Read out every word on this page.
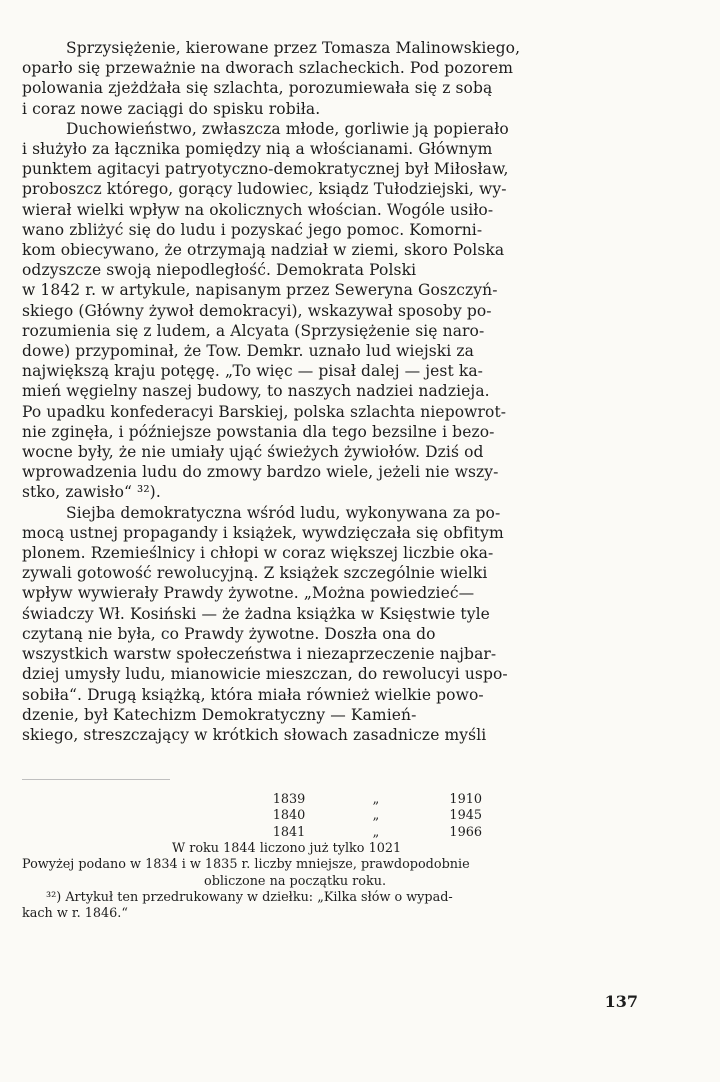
Sprzysiężenie, kierowane przez Tomasza Malinowskiego,
oparło się przeważnie na dworach szlacheckich. Pod pozorem
polowania zjeżdżała się szlachta, porozumiewała się z sobą
i coraz nowe zaciągi do spisku robiła.
Duchowieństwo, zwłaszcza młode, gorliwie ją popierało
i służyło za łącznika pomiędzy nią a włościanami. Głównym
punktem agitacyi patryotyczno-demokratycznej był Miłosław,
proboszcz którego, gorący ludowiec, ksiądz Tułodziejski, wy-
wierał wielki wpływ na okolicznych włościan. Wogóle usiło-
wano zbliżyć się do ludu i pozyskać jego pomoc. Komorni-
kom obiecywano, że otrzymają nadział w ziemi, skoro Polska
odzyszcze swoją niepodległość. Demokrata Polski
w 1842 r. w artykule, napisanym przez Seweryna Goszczyń-
skiego (Główny żywoł demokracyi), wskazywał sposoby po-
rozumienia się z ludem, a Alcyata (Sprzysiężenie się naro-
dowe) przypominał, że Tow. Demkr. uznało lud wiejski za
największą kraju potęgę. „To więc — pisał dalej — jest ka-
mień węgielny naszej budowy, to naszych nadziei nadzieja.
Po upadku konfederacyi Barskiej, polska szlachta niepowrot-
nie zginęła, i późniejsze powstania dla tego bezsilne i bezo-
wocne były, że nie umiały ująć świeżych żywiołów. Dziś od
wprowadzenia ludu do zmowy bardzo wiele, jeżeli nie wszy-
stko, zawisło“ ³²).
Siejba demokratyczna wśród ludu, wykonywana za po-
mocą ustnej propagandy i książek, wywdzięczała się obfitym
plonem. Rzemieślnicy i chłopi w coraz większej liczbie oka-
zywali gotowość rewolucyjną. Z książek szczególnie wielki
wpływ wywierały Prawdy żywotne. „Można powiedzieć—
świadczy Wł. Kosiński — że żadna książka w Księstwie tyle
czytaną nie była, co Prawdy żywotne. Doszła ona do
wszystkich warstw społeczeństwa i niezaprzeczenie najbar-
dziej umysły ludu, mianowicie mieszczan, do rewolucyi uspo-
sobiła“. Drugą książką, która miała również wielkie powo-
dzenie, był Katechizm Demokratyczny — Kamień-
skiego, streszczający w krótkich słowach zasadnicze myśli
1839	„	1910
1840	„	1945
1841	„	1966
W roku 1844 liczono już tylko 1021
Powyżej podano w 1834 i w 1835 r. liczby mniejsze, prawdopodobnie
obliczone na początku roku.
³²) Artykuł ten przedrukowany w dziełku: „Kilka słów o wypad-
kach w r. 1846.“
137
